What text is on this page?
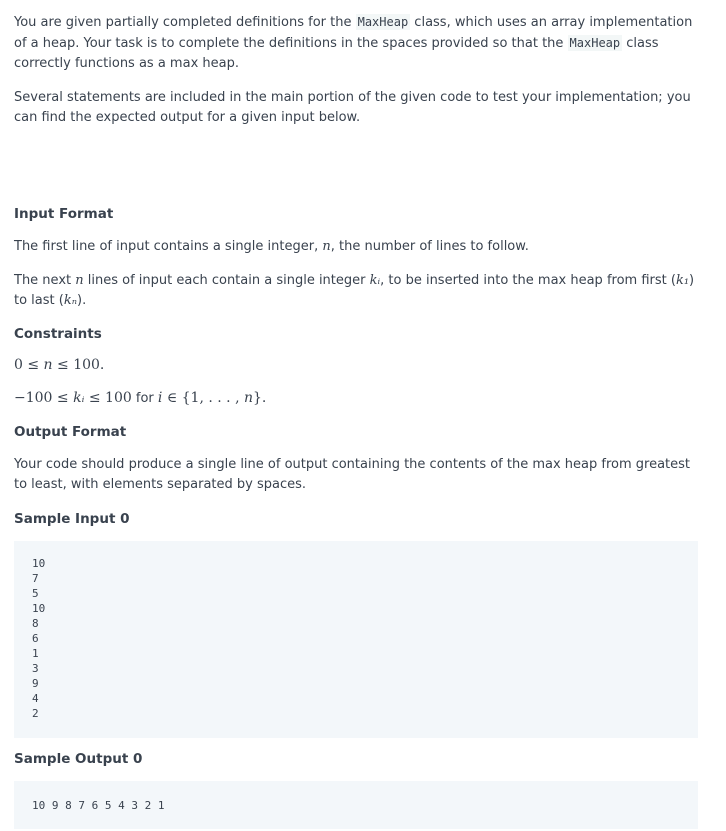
You are given partially completed definitions for the MaxHeap class, which uses an array implementation of a heap. Your task is to complete the definitions in the spaces provided so that the MaxHeap class correctly functions as a max heap.

Several statements are included in the main portion of the given code to test your implementation; you can find the expected output for a given input below.

Input Format

The first line of input contains a single integer, n, the number of lines to follow.

The next n lines of input each contain a single integer kᵢ, to be inserted into the max heap from first (k₁) to last (kₙ).

Constraints

0 ≤ n ≤ 100.

−100 ≤ kᵢ ≤ 100 for i ∈ {1, . . . , n}.

Output Format

Your code should produce a single line of output containing the contents of the max heap from greatest to least, with elements separated by spaces.

Sample Input 0
10
7
5
10
8
6
1
3
9
4
2
Sample Output 0
10 9 8 7 6 5 4 3 2 1
